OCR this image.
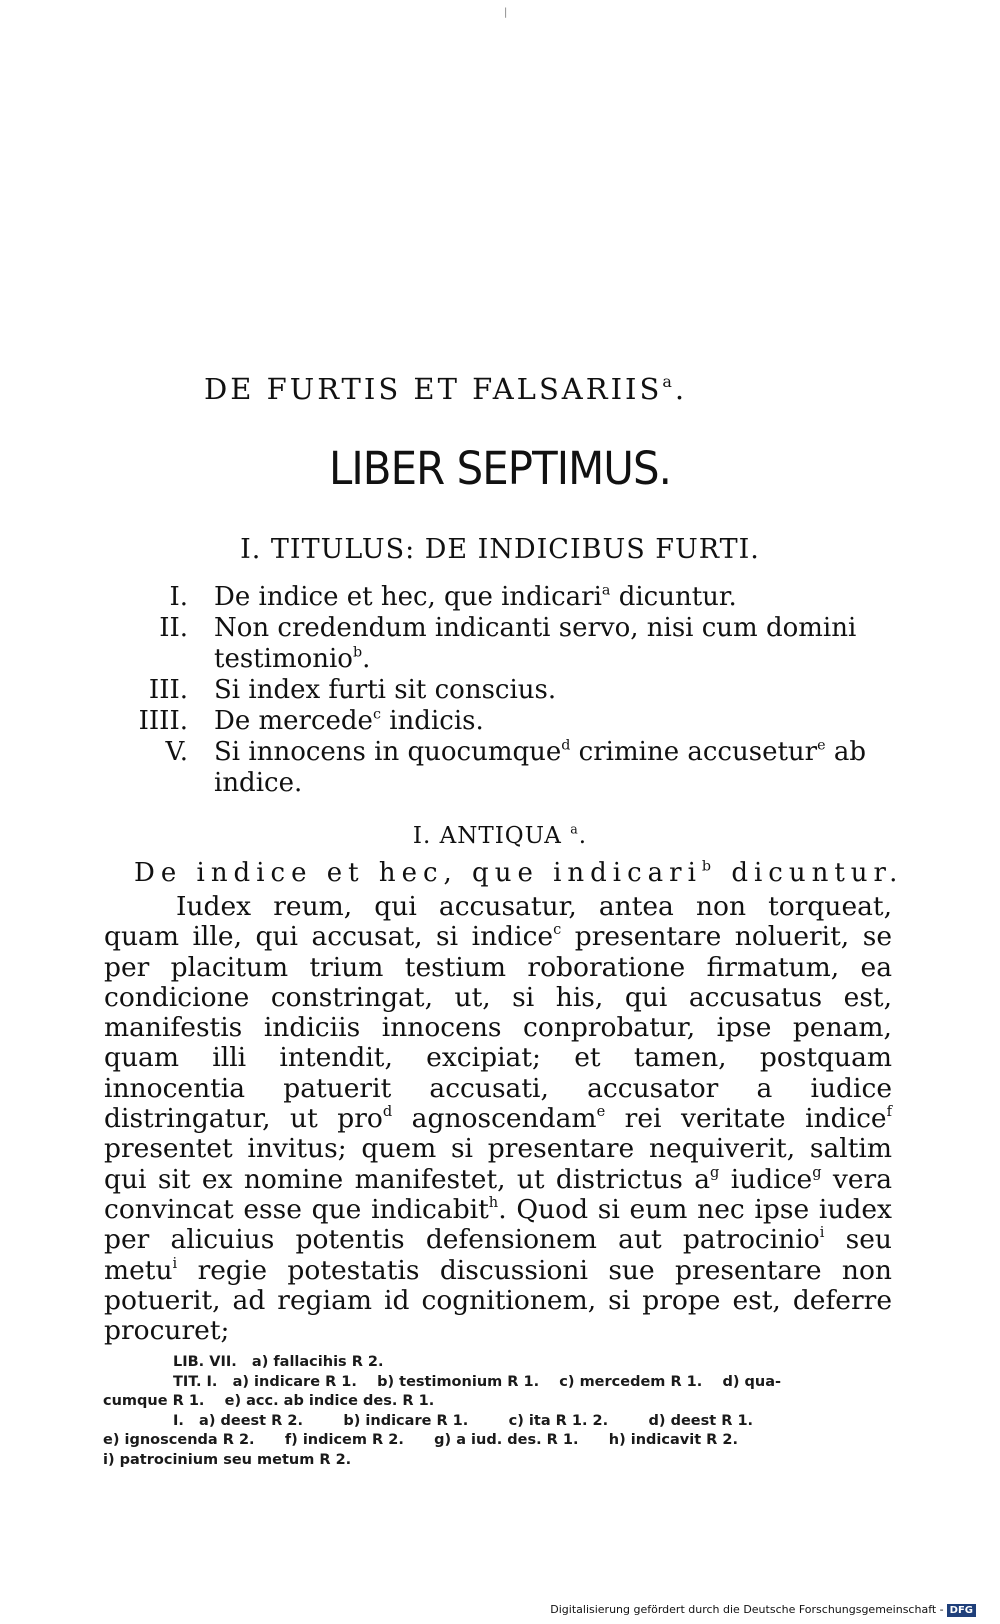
|
DE FURTIS ET FALSARIIS$^a$.
LIBER SEPTIMUS.
I. TITULUS: DE INDICIBUS FURTI.
I. De indice et hec, que indicari$^a$ dicuntur.
II. Non credendum indicanti servo, nisi cum domini testimonio$^b$.
III. Si index furti sit conscius.
IIII. De mercede$^c$ indicis.
V. Si innocens in quocumque$^d$ crimine accusetur$^e$ ab indice.
I. ANTIQUA $^a$.
De indice et hec, que indicari$^b$ dicuntur.
Iudex reum, qui accusatur, antea non torqueat, quam ille, qui accusat, si indice$^c$ presentare noluerit, se per placitum trium testium roboratione firmatum, ea condicione constringat, ut, si his, qui accusatus est, manifestis indiciis innocens conprobatur, ipse penam, quam illi intendit, excipiat; et tamen, postquam innocentia patuerit accusati, accusator a iudice distringatur, ut pro$^d$ agnoscendam$^e$ rei veritate indice$^f$ presentet invitus; quem si presentare nequiverit, saltim qui sit ex nomine manifestet, ut districtus $a^g$ iudice$^g$ vera convincat esse que indicabit$^h$. Quod si eum nec ipse iudex per alicuius potentis defensionem aut patrocinio$^i$ seu metu$^i$ regie potestatis discussioni sue presentare non potuerit, ad regiam id cognitionem, si prope est, deferre procuret;
LIB. VII.   a) fallacihis R 2.
TIT. I.   a) indicare R 1.    b) testimonium R 1.    c) mercedem R 1.    d) qua-
cumque R 1.    e) acc. ab indice des. R 1.
I.   a) deest R 2.        b) indicare R 1.        c) ita R 1. 2.        d) deest R 1.
e) ignoscenda R 2.      f) indicem R 2.      g) a iud. des. R 1.      h) indicavit R 2.
i) patrocinium seu metum R 2.
Digitalisierung gefördert durch die Deutsche Forschungsgemeinschaft - DFG
